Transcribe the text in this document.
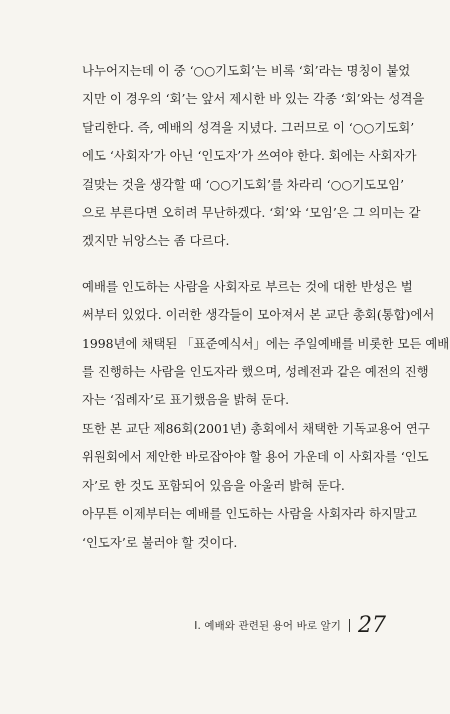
나누어지는데 이 중 ‘○○기도회’는 비록 ‘회’라는 명칭이 붙었
지만 이 경우의 ‘회’는 앞서 제시한 바 있는 각종 ‘회’와는 성격을
달리한다. 즉, 예배의 성격을 지녔다. 그러므로 이 ‘○○기도회’
에도 ‘사회자’가 아닌 ‘인도자’가 쓰여야 한다. 회에는 사회자가
걸맞는 것을 생각할 때 ‘○○기도회’를 차라리 ‘○○기도모임’
으로 부른다면 오히려 무난하겠다. ‘회’와 ‘모임’은 그 의미는 같
겠지만 뉘앙스는 좀 다르다.

예배를 인도하는 사람을 사회자로 부르는 것에 대한 반성은 벌
써부터 있었다. 이러한 생각들이 모아져서 본 교단 총회(통합)에서
1998년에 채택된 「표준예식서」에는 주일예배를 비롯한 모든 예배
를 진행하는 사람을 인도자라 했으며, 성례전과 같은 예전의 진행
자는 ‘집례자’로 표기했음을 밝혀 둔다.

또한 본 교단 제86회(2001년) 총회에서 채택한 기독교용어 연구
위원회에서 제안한 바로잡아야 할 용어 가운데 이 사회자를 ‘인도
자’로 한 것도 포함되어 있음을 아울러 밝혀 둔다.

아무튼 이제부터는 예배를 인도하는 사람을 사회자라 하지말고
‘인도자’로 불러야 할 것이다.

I. 예배와 관련된 용어 바로 알기 27
